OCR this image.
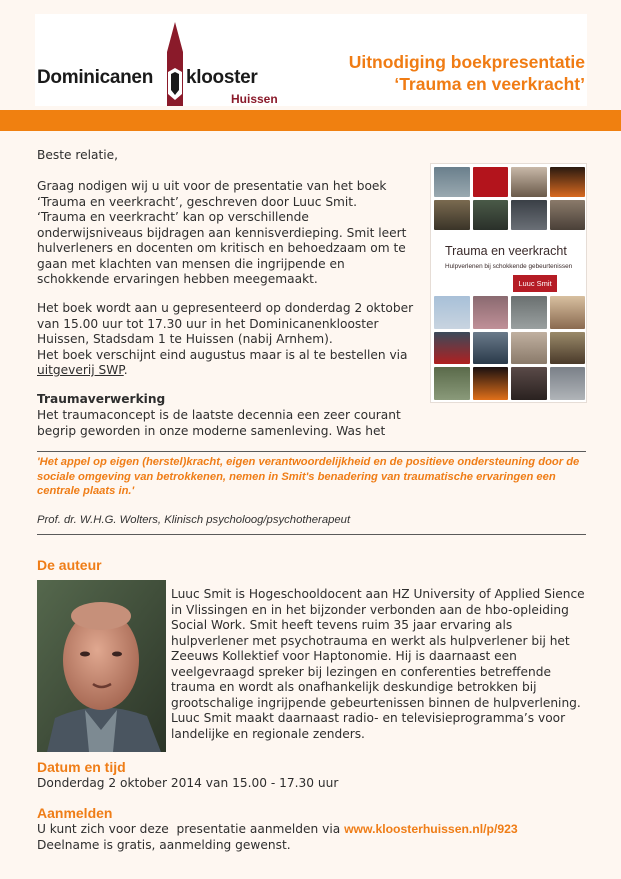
Dominicanen klooster
Huissen
Uitnodiging boekpresentatie
‘Trauma en veerkracht’
Beste relatie,
Graag nodigen wij u uit voor de presentatie van het boek ‘Trauma en veerkracht’, geschreven door Luuc Smit. ‘Trauma en veerkracht’ kan op verschillende onderwijsniveaus bijdragen aan kennisverdieping. Smit leert hulverleners en docenten om kritisch en behoedzaam om te gaan met klachten van mensen die ingrijpende en schokkende ervaringen hebben meegemaakt.
Het boek wordt aan u gepresenteerd op donderdag 2 oktober van 15.00 uur tot 17.30 uur in het Dominicanenklooster Huissen, Stadsdam 1 te Huissen (nabij Arnhem).
Het boek verschijnt eind augustus maar is al te bestellen via uitgeverij SWP.
Trauma en veerkracht
Hulpverlenen bij schokkende gebeurtenissen
Luuc Smit
Traumaverwerking
Het traumaconcept is de laatste decennia een zeer courant begrip geworden in onze moderne samenleving. Was het
'Het appel op eigen (herstel)kracht, eigen verantwoordelijkheid en de positieve ondersteuning door de sociale omgeving van betrokkenen, nemen in Smit's benadering van traumatische ervaringen een centrale plaats in.'
Prof. dr. W.H.G. Wolters, Klinisch psycholoog/psychotherapeut
De auteur
Luuc Smit is Hogeschooldocent aan HZ University of Applied Sience in Vlissingen en in het bijzonder verbonden aan de hbo-opleiding Social Work. Smit heeft tevens ruim 35 jaar ervaring als hulpverlener met psychotrauma en werkt als hulpverlener bij het Zeeuws Kollektief voor Haptonomie. Hij is daarnaast een veelgevraagd spreker bij lezingen en conferenties betreffende trauma en wordt als onafhankelijk deskundige betrokken bij grootschalige ingrijpende gebeurtenissen binnen de hulpverlening. Luuc Smit maakt daarnaast radio- en televisieprogramma’s voor landelijke en regionale zenders.
Datum en tijd
Donderdag 2 oktober 2014 van 15.00 - 17.30 uur
Aanmelden
U kunt zich voor deze  presentatie aanmelden via www.kloosterhuissen.nl/p/923
Deelname is gratis, aanmelding gewenst.
